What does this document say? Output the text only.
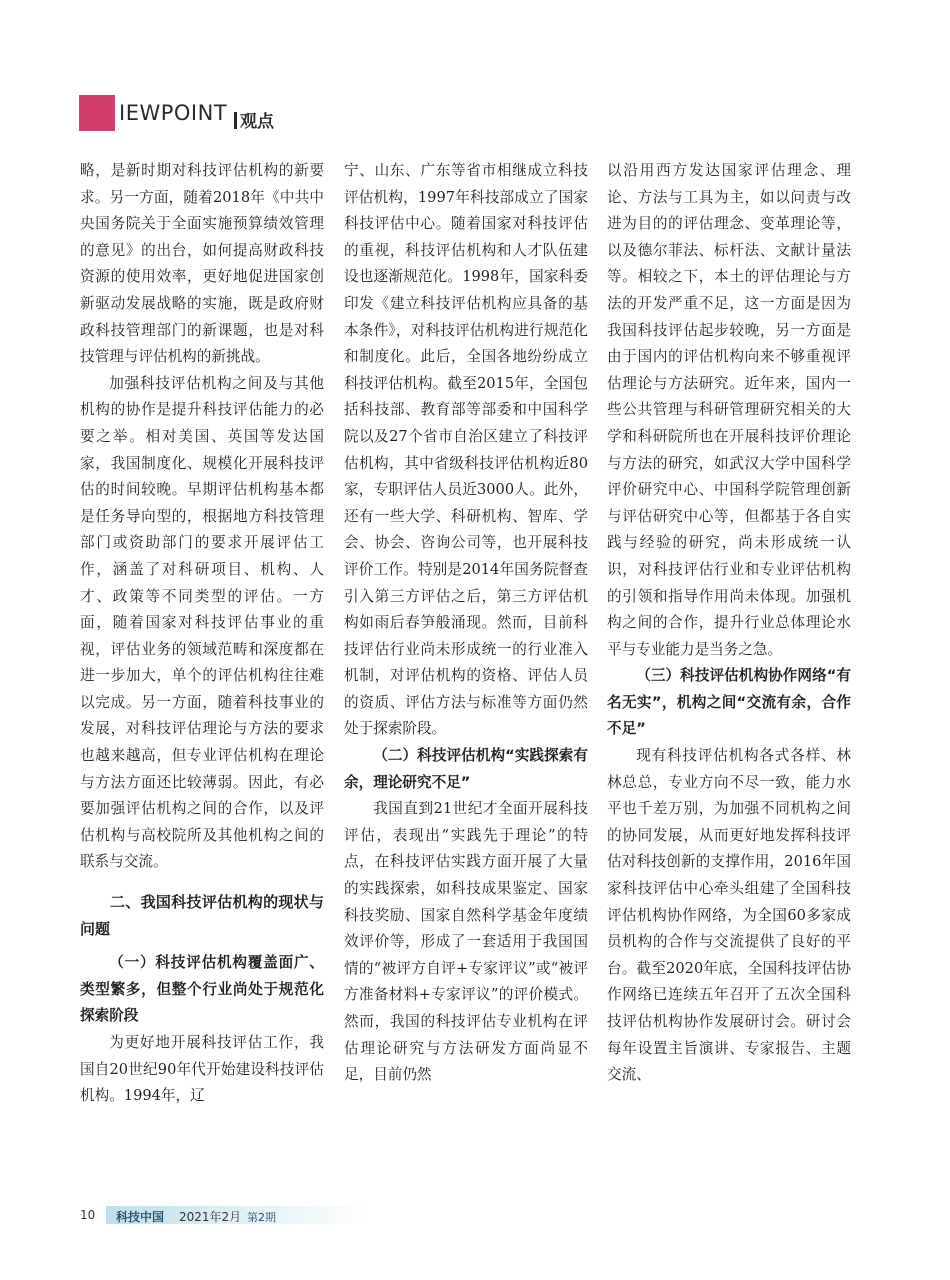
IEWPOINT 观点

略，是新时期对科技评估机构的新要求。另一方面，随着2018年《中共中央国务院关于全面实施预算绩效管理的意见》的出台，如何提高财政科技资源的使用效率，更好地促进国家创新驱动发展战略的实施，既是政府财政科技管理部门的新课题，也是对科技管理与评估机构的新挑战。

加强科技评估机构之间及与其他机构的协作是提升科技评估能力的必要之举。相对美国、英国等发达国家，我国制度化、规模化开展科技评估的时间较晚。早期评估机构基本都是任务导向型的，根据地方科技管理部门或资助部门的要求开展评估工作，涵盖了对科研项目、机构、人才、政策等不同类型的评估。一方面，随着国家对科技评估事业的重视，评估业务的领域范畴和深度都在进一步加大，单个的评估机构往往难以完成。另一方面，随着科技事业的发展，对科技评估理论与方法的要求也越来越高，但专业评估机构在理论与方法方面还比较薄弱。因此，有必要加强评估机构之间的合作，以及评估机构与高校院所及其他机构之间的联系与交流。

二、我国科技评估机构的现状与问题

（一）科技评估机构覆盖面广、类型繁多，但整个行业尚处于规范化探索阶段

为更好地开展科技评估工作，我国自20世纪90年代开始建设科技评估机构。1994年，辽

宁、山东、广东等省市相继成立科技评估机构，1997年科技部成立了国家科技评估中心。随着国家对科技评估的重视，科技评估机构和人才队伍建设也逐渐规范化。1998年，国家科委印发《建立科技评估机构应具备的基本条件》，对科技评估机构进行规范化和制度化。此后，全国各地纷纷成立科技评估机构。截至2015年，全国包括科技部、教育部等部委和中国科学院以及27个省市自治区建立了科技评估机构，其中省级科技评估机构近80家，专职评估人员近3000人。此外，还有一些大学、科研机构、智库、学会、协会、咨询公司等，也开展科技评价工作。特别是2014年国务院督查引入第三方评估之后，第三方评估机构如雨后春笋般涌现。然而，目前科技评估行业尚未形成统一的行业准入机制，对评估机构的资格、评估人员的资质、评估方法与标准等方面仍然处于探索阶段。

（二）科技评估机构“实践探索有余，理论研究不足”

我国直到21世纪才全面开展科技评估，表现出“实践先于理论”的特点，在科技评估实践方面开展了大量的实践探索，如科技成果鉴定、国家科技奖励、国家自然科学基金年度绩效评价等，形成了一套适用于我国国情的“被评方自评+专家评议”或“被评方准备材料+专家评议”的评价模式。然而，我国的科技评估专业机构在评估理论研究与方法研发方面尚显不足，目前仍然

以沿用西方发达国家评估理念、理论、方法与工具为主，如以问责与改进为目的的评估理念、变革理论等，以及德尔菲法、标杆法、文献计量法等。相较之下，本土的评估理论与方法的开发严重不足，这一方面是因为我国科技评估起步较晚，另一方面是由于国内的评估机构向来不够重视评估理论与方法研究。近年来，国内一些公共管理与科研管理研究相关的大学和科研院所也在开展科技评价理论与方法的研究，如武汉大学中国科学评价研究中心、中国科学院管理创新与评估研究中心等，但都基于各自实践与经验的研究，尚未形成统一认识，对科技评估行业和专业评估机构的引领和指导作用尚未体现。加强机构之间的合作，提升行业总体理论水平与专业能力是当务之急。

（三）科技评估机构协作网络“有名无实”，机构之间“交流有余，合作不足”

现有科技评估机构各式各样、林林总总，专业方向不尽一致，能力水平也千差万别，为加强不同机构之间的协同发展，从而更好地发挥科技评估对科技创新的支撑作用，2016年国家科技评估中心牵头组建了全国科技评估机构协作网络，为全国60多家成员机构的合作与交流提供了良好的平台。截至2020年底，全国科技评估协作网络已连续五年召开了五次全国科技评估机构协作发展研讨会。研讨会每年设置主旨演讲、专家报告、主题交流、

10 科技中国 2021年2月 第2期
